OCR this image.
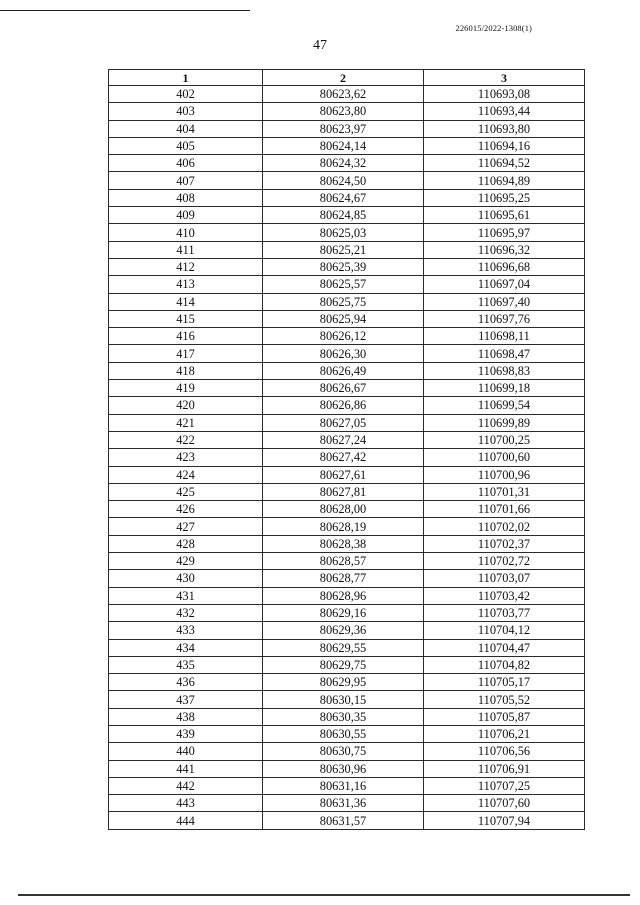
226015/2022-1308(1)
47
1	2	3
402	80623,62	110693,08
403	80623,80	110693,44
404	80623,97	110693,80
405	80624,14	110694,16
406	80624,32	110694,52
407	80624,50	110694,89
408	80624,67	110695,25
409	80624,85	110695,61
410	80625,03	110695,97
411	80625,21	110696,32
412	80625,39	110696,68
413	80625,57	110697,04
414	80625,75	110697,40
415	80625,94	110697,76
416	80626,12	110698,11
417	80626,30	110698,47
418	80626,49	110698,83
419	80626,67	110699,18
420	80626,86	110699,54
421	80627,05	110699,89
422	80627,24	110700,25
423	80627,42	110700,60
424	80627,61	110700,96
425	80627,81	110701,31
426	80628,00	110701,66
427	80628,19	110702,02
428	80628,38	110702,37
429	80628,57	110702,72
430	80628,77	110703,07
431	80628,96	110703,42
432	80629,16	110703,77
433	80629,36	110704,12
434	80629,55	110704,47
435	80629,75	110704,82
436	80629,95	110705,17
437	80630,15	110705,52
438	80630,35	110705,87
439	80630,55	110706,21
440	80630,75	110706,56
441	80630,96	110706,91
442	80631,16	110707,25
443	80631,36	110707,60
444	80631,57	110707,94
